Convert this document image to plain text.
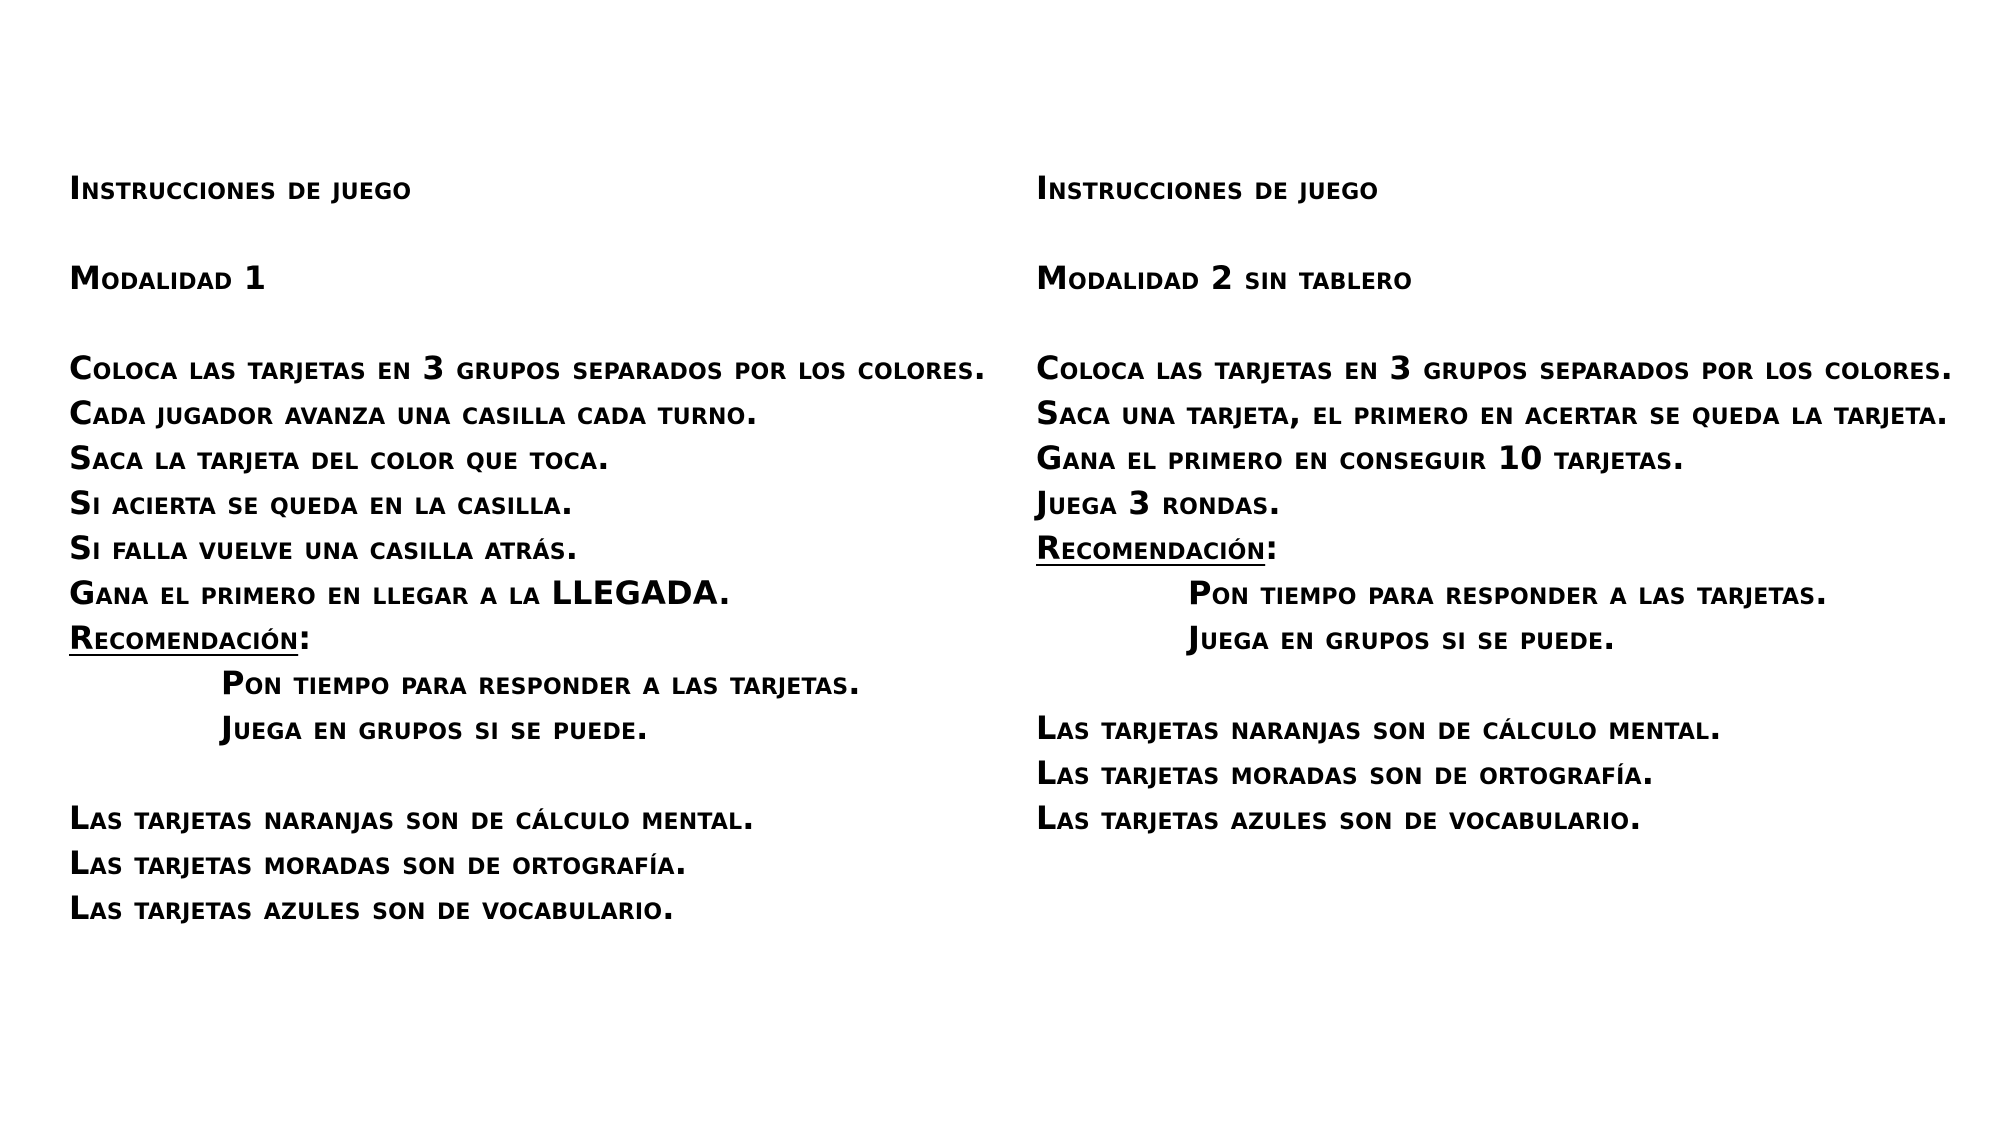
Instrucciones de juego
Modalidad 1
Coloca las tarjetas en 3 grupos separados por los colores.
Cada jugador avanza una casilla cada turno.
Saca la tarjeta del color que toca.
Si acierta se queda en la casilla.
Si falla vuelve una casilla atrás.
Gana el primero en llegar a la LLEGADA.
Recomendación:
Pon tiempo para responder a las tarjetas.
Juega en grupos si se puede.
Las tarjetas naranjas son de cálculo mental.
Las tarjetas moradas son de ortografía.
Las tarjetas azules son de vocabulario.
Instrucciones de juego
Modalidad 2 sin tablero
Coloca las tarjetas en 3 grupos separados por los colores.
Saca una tarjeta, el primero en acertar se queda la tarjeta.
Gana el primero en conseguir 10 tarjetas.
Juega 3 rondas.
Recomendación:
Pon tiempo para responder a las tarjetas.
Juega en grupos si se puede.
Las tarjetas naranjas son de cálculo mental.
Las tarjetas moradas son de ortografía.
Las tarjetas azules son de vocabulario.
